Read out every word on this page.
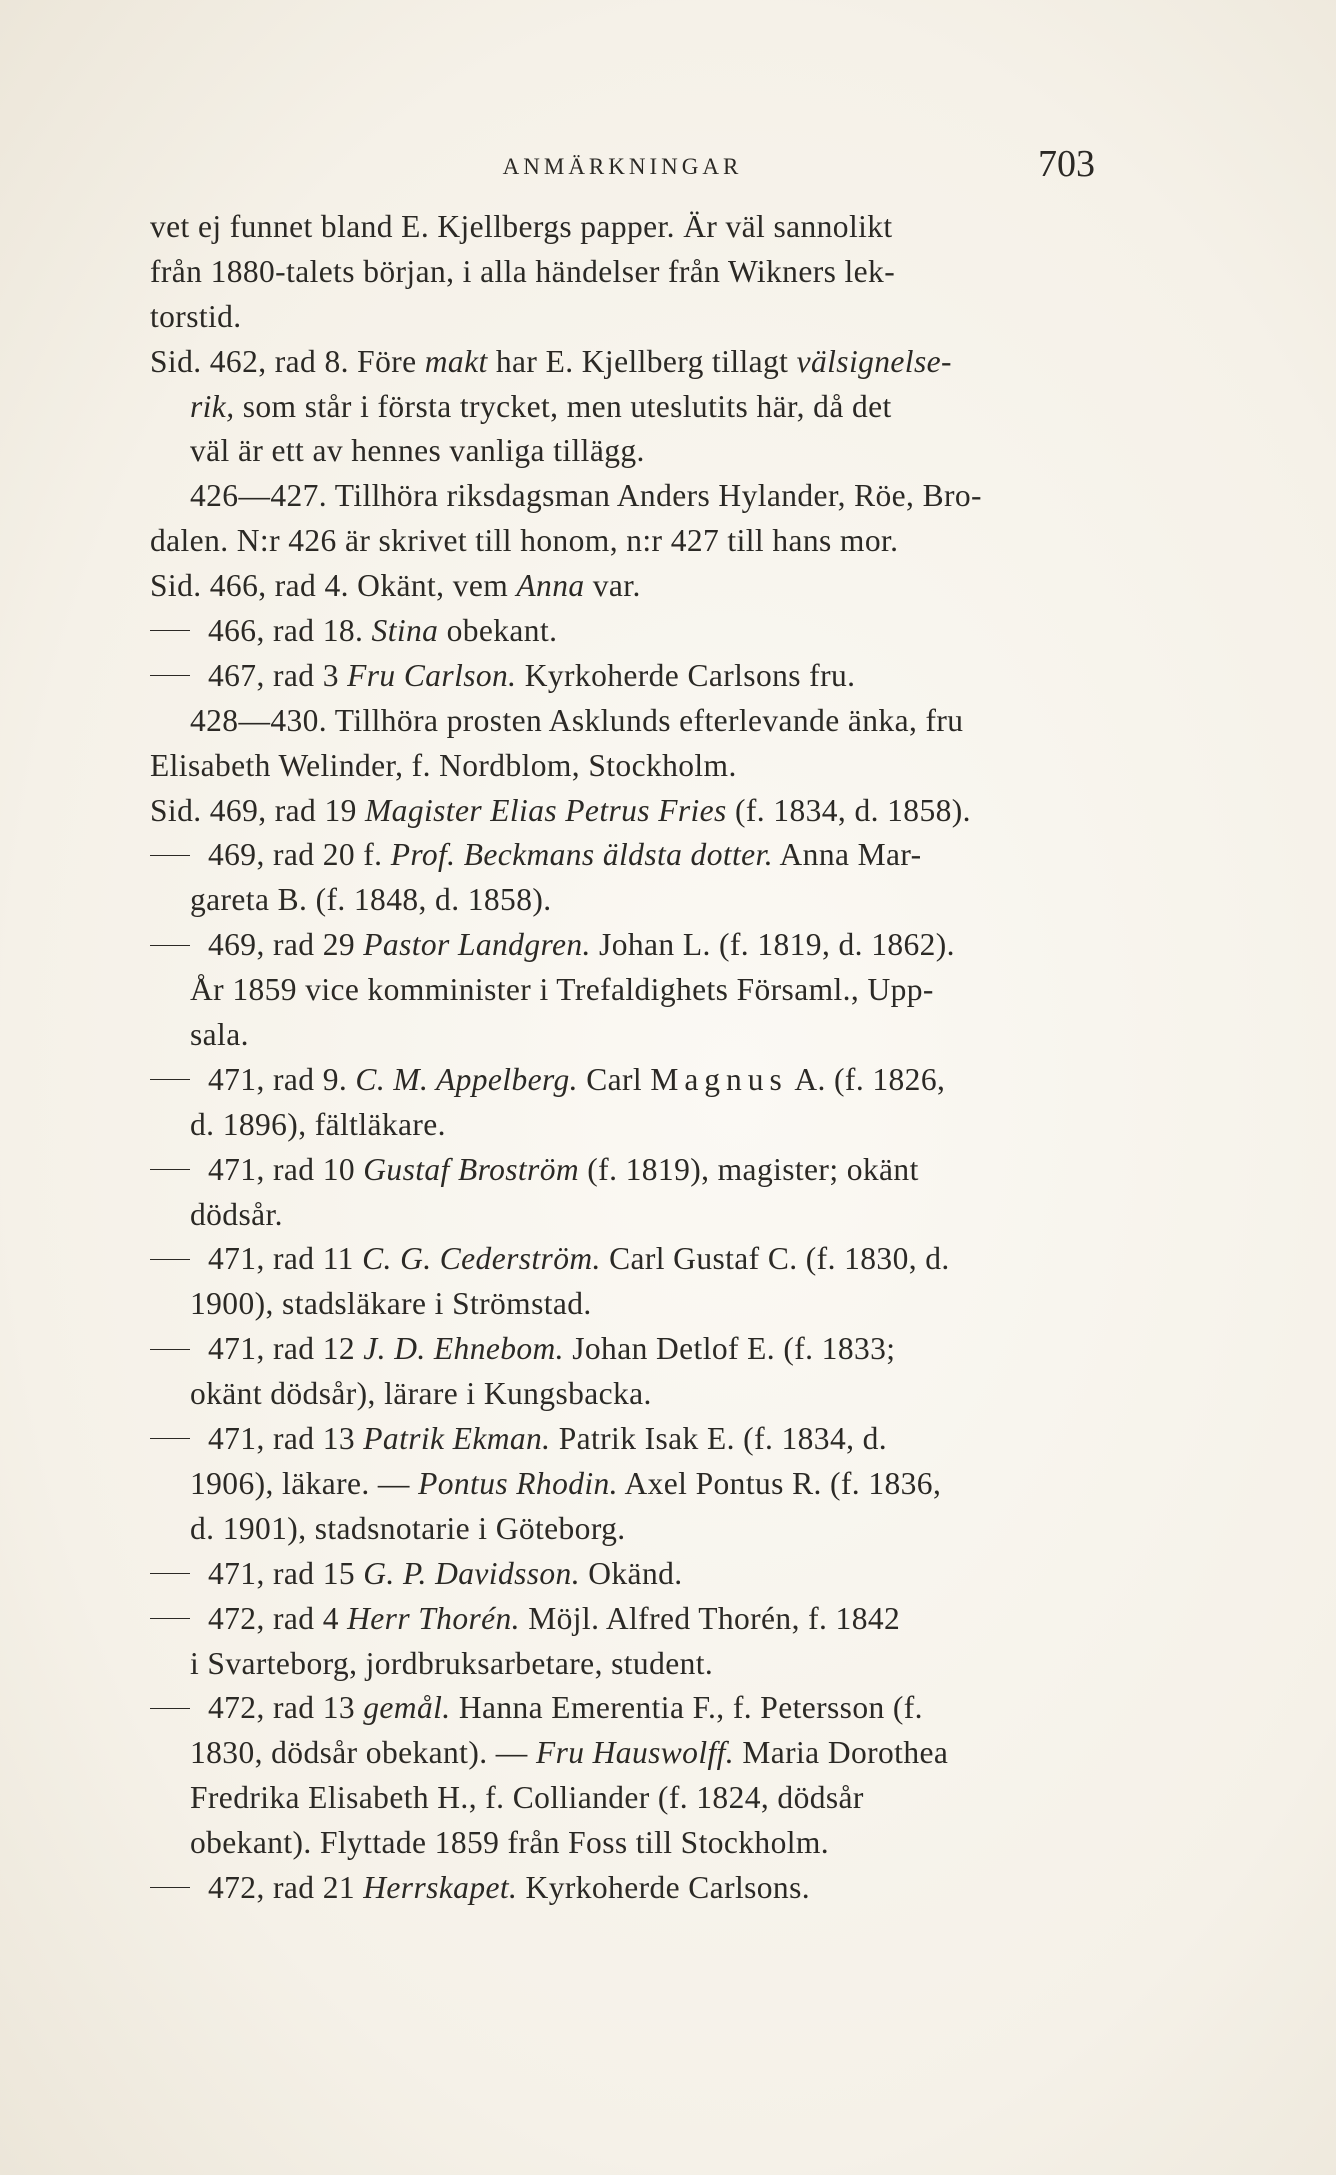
ANMÄRKNINGAR	703
vet ej funnet bland E. Kjellbergs papper. Är väl sannolikt
från 1880-talets början, i alla händelser från Wikners lek-
torstid.
Sid. 462, rad 8. Före makt har E. Kjellberg tillagt välsignelse-
rik, som står i första trycket, men uteslutits här, då det
väl är ett av hennes vanliga tillägg.
426—427. Tillhöra riksdagsman Anders Hylander, Röe, Bro-
dalen. N:r 426 är skrivet till honom, n:r 427 till hans mor.
Sid. 466, rad 4. Okänt, vem Anna var.
466, rad 18. Stina obekant.
467, rad 3 Fru Carlson. Kyrkoherde Carlsons fru.
428—430. Tillhöra prosten Asklunds efterlevande änka, fru
Elisabeth Welinder, f. Nordblom, Stockholm.
Sid. 469, rad 19 Magister Elias Petrus Fries (f. 1834, d. 1858).
469, rad 20 f. Prof. Beckmans äldsta dotter. Anna Mar-
gareta B. (f. 1848, d. 1858).
469, rad 29 Pastor Landgren. Johan L. (f. 1819, d. 1862).
År 1859 vice komminister i Trefaldighets Församl., Upp-
sala.
471, rad 9. C. M. Appelberg. Carl Magnus A. (f. 1826,
d. 1896), fältläkare.
471, rad 10 Gustaf Broström (f. 1819), magister; okänt
dödsår.
471, rad 11 C. G. Cederström. Carl Gustaf C. (f. 1830, d.
1900), stadsläkare i Strömstad.
471, rad 12 J. D. Ehnebom. Johan Detlof E. (f. 1833;
okänt dödsår), lärare i Kungsbacka.
471, rad 13 Patrik Ekman. Patrik Isak E. (f. 1834, d.
1906), läkare. — Pontus Rhodin. Axel Pontus R. (f. 1836,
d. 1901), stadsnotarie i Göteborg.
471, rad 15 G. P. Davidsson. Okänd.
472, rad 4 Herr Thorén. Möjl. Alfred Thorén, f. 1842
i Svarteborg, jordbruksarbetare, student.
472, rad 13 gemål. Hanna Emerentia F., f. Petersson (f.
1830, dödsår obekant). — Fru Hauswolff. Maria Dorothea
Fredrika Elisabeth H., f. Colliander (f. 1824, dödsår
obekant). Flyttade 1859 från Foss till Stockholm.
472, rad 21 Herrskapet. Kyrkoherde Carlsons.
